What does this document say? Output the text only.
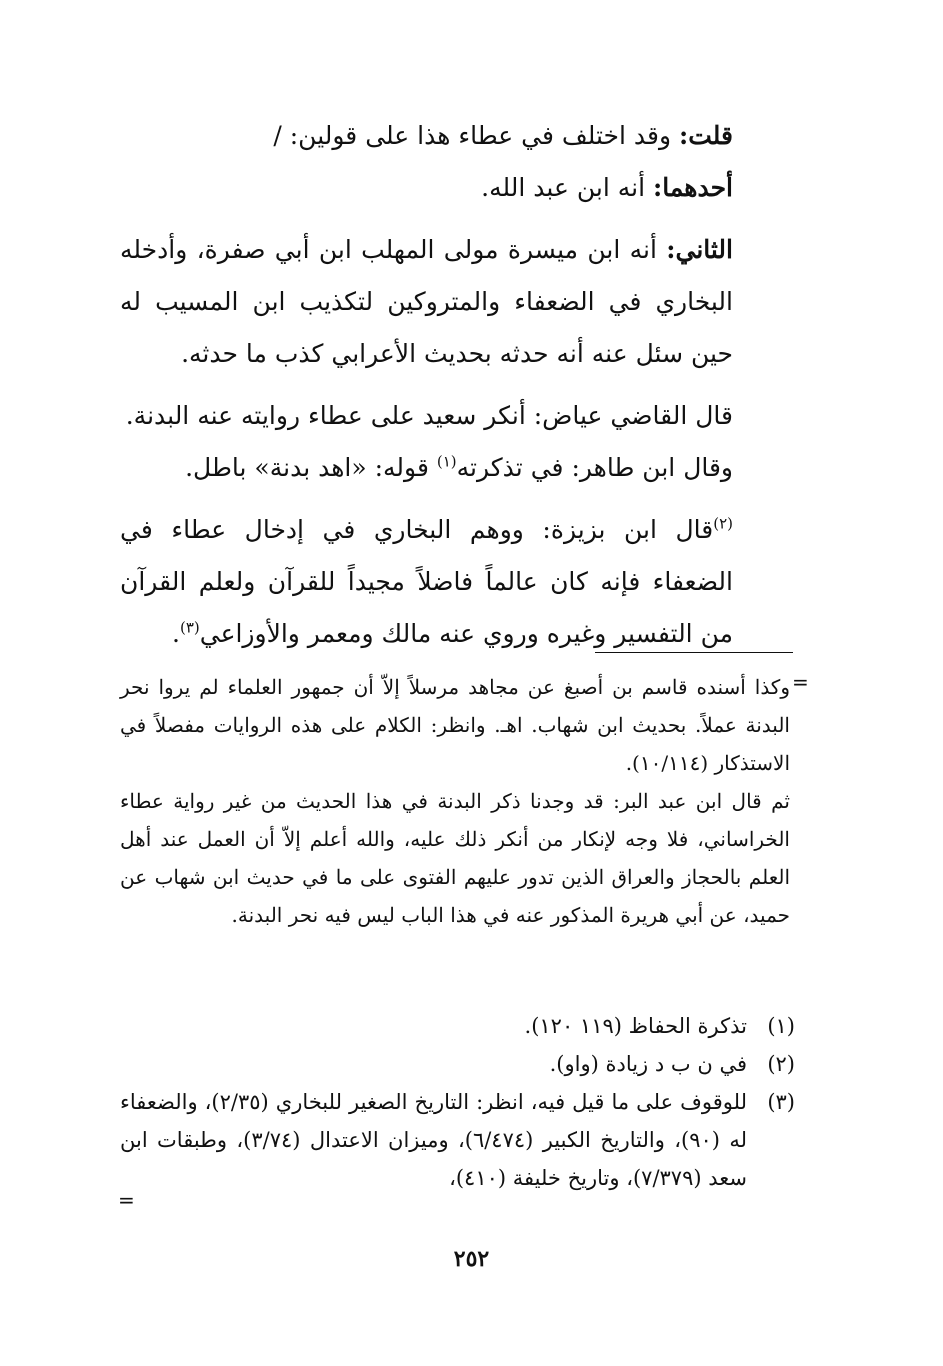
قلت: وقد اختلف في عطاء هذا على قولين: /

أحدهما: أنه ابن عبد الله.

الثاني: أنه ابن ميسرة مولى المهلب ابن أبي صفرة، وأدخله البخاري في الضعفاء والمتروكين لتكذيب ابن المسيب له حين سئل عنه أنه حدثه بحديث الأعرابي كذب ما حدثه.

قال القاضي عياض: أنكر سعيد على عطاء روايته عنه البدنة.

وقال ابن طاهر: في تذكرته$^{(١)}$ قوله: «اهد بدنة» باطل.

$^{(٢)}$قال ابن بزيزة: ووهم البخاري في إدخال عطاء في الضعفاء فإنه كان عالماً فاضلاً مجيداً للقرآن ولعلم القرآن من التفسير وغيره وروي عنه مالك ومعمر والأوزاعي$^{(٣)}$.

=

وكذا أسنده قاسم بن أصبغ عن مجاهد مرسلاً إلاّ أن جمهور العلماء لم يروا نحر البدنة عملاً. بحديث ابن شهاب. اهـ. وانظر: الكلام على هذه الروايات مفصلاً في الاستذكار (١٠/١١٤).

ثم قال ابن عبد البر: قد وجدنا ذكر البدنة في هذا الحديث من غير رواية عطاء الخراساني، فلا وجه لإنكار من أنكر ذلك عليه، والله أعلم إلاّ أن العمل عند أهل العلم بالحجاز والعراق الذين تدور عليهم الفتوى على ما في حديث ابن شهاب عن حميد، عن أبي هريرة المذكور عنه في هذا الباب ليس فيه نحر البدنة.

(١)
تذكرة الحفاظ (١١٩ ١٢٠).
(٢)
في ن ب د زيادة (واو).
(٣)
للوقوف على ما قيل فيه، انظر: التاريخ الصغير للبخاري (٢/٣٥)، والضعفاء له (٩٠)، والتاريخ الكبير (٦/٤٧٤)، وميزان الاعتدال (٣/٧٤)، وطبقات ابن سعد (٧/٣٧٩)، وتاريخ خليفة (٤١٠)،
=
٢٥٢
